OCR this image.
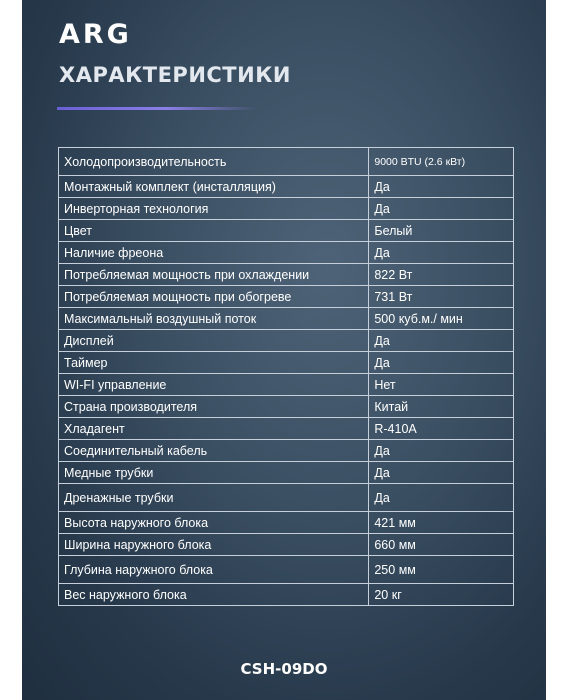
ARG
ХАРАКТЕРИСТИКИ
Холодопроизводительность	9000 BTU (2.6 кВт)
Монтажный комплект (инсталляция)	Да
Инверторная технология	Да
Цвет	Белый
Наличие фреона	Да
Потребляемая мощность при охлаждении	822 Вт
Потребляемая мощность при обогреве	731 Вт
Максимальный воздушный поток	500 куб.м./ мин
Дисплей	Да
Таймер	Да
WI-FI управление	Нет
Страна производителя	Китай
Хладагент	R-410A
Соединительный кабель	Да
Медные трубки	Да
Дренажные трубки	Да
Высота наружного блока	421 мм
Ширина наружного блока	660 мм
Глубина наружного блока	250 мм
Вес наружного блока	20 кг
CSH-09DO
